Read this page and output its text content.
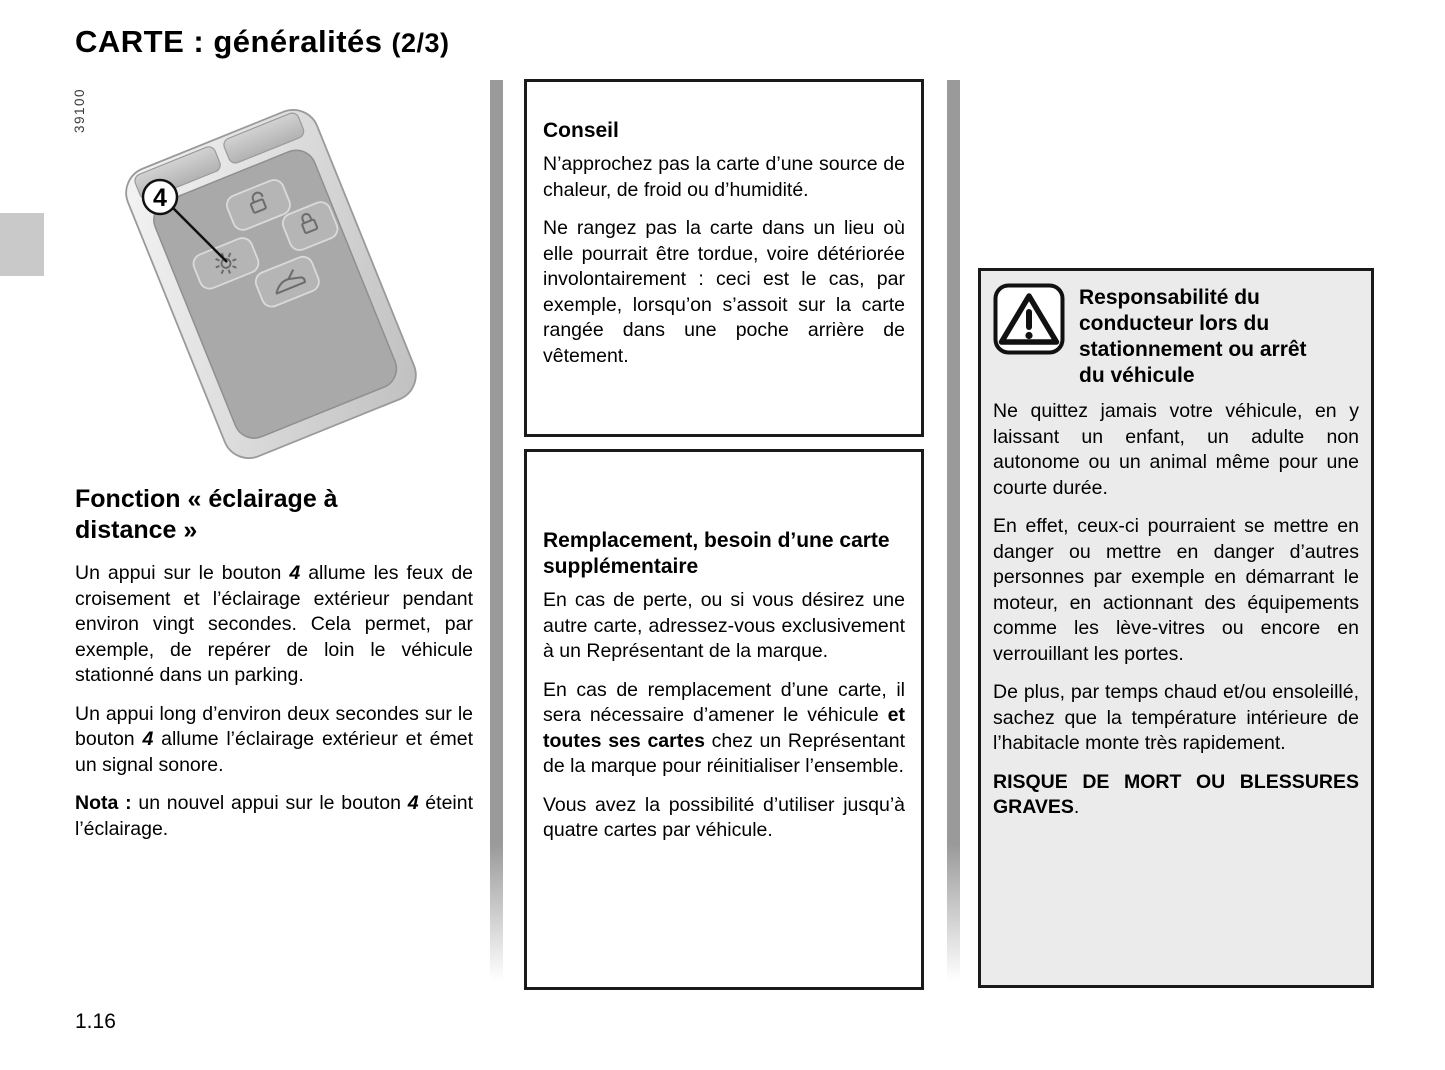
CARTE : généralités (2/3)
39100
4
Fonction « éclairage à distance »

Un appui sur le bouton 4 allume les feux de croisement et l’éclairage extérieur pendant environ vingt secondes. Cela permet, par exemple, de repérer de loin le véhicule stationné dans un parking.

Un appui long d’environ deux secondes sur le bouton 4 allume l’éclairage extérieur et émet un signal sonore.

Nota : un nouvel appui sur le bouton 4 éteint l’éclairage.

Conseil

N’approchez pas la carte d’une source de chaleur, de froid ou d’humidité.

Ne rangez pas la carte dans un lieu où elle pourrait être tordue, voire détériorée involontairement : ceci est le cas, par exemple, lorsqu’on s’assoit sur la carte rangée dans une poche arrière de vêtement.

Remplacement, besoin d’une carte supplémentaire

En cas de perte, ou si vous désirez une autre carte, adressez-vous exclusivement à un Représentant de la marque.

En cas de remplacement d’une carte, il sera nécessaire d’amener le véhicule et toutes ses cartes chez un Représentant de la marque pour réinitialiser l’ensemble.

Vous avez la possibilité d’utiliser jusqu’à quatre cartes par véhicule.

Responsabilité du conducteur lors du stationnement ou arrêt du véhicule

Ne quittez jamais votre véhicule, en y laissant un enfant, un adulte non autonome ou un animal même pour une courte durée.

En effet, ceux-ci pourraient se mettre en danger ou mettre en danger d’autres personnes par exemple en démarrant le moteur, en actionnant des équipements comme les lève-vitres ou encore en verrouillant les portes.

De plus, par temps chaud et/ou ensoleillé, sachez que la température intérieure de l’habitacle monte très rapidement.

RISQUE DE MORT OU BLESSURES GRAVES.

1.16
